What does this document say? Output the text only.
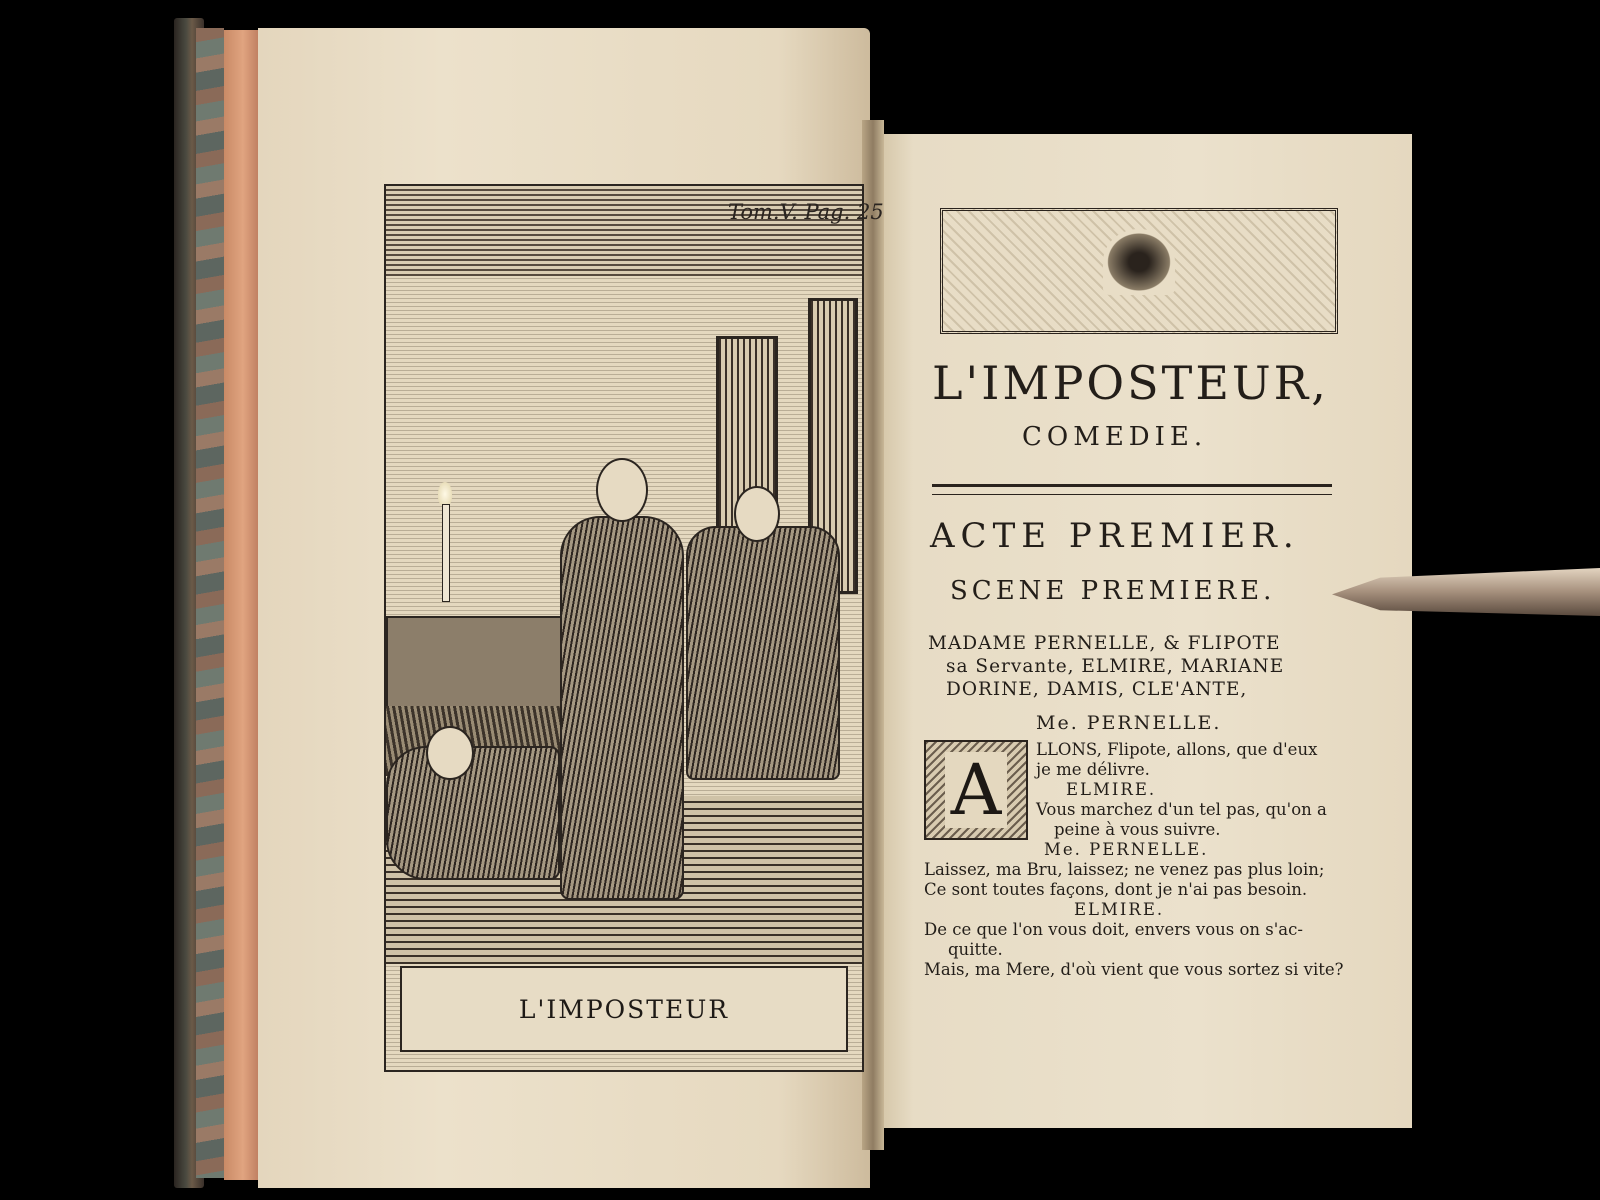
L'IMPOSTEUR
Tom.V. Pag. 25
L'IMPOSTEUR,
COMEDIE.
ACTE PREMIER.
SCENE PREMIERE.
MADAME PERNELLE, & FLIPOTE
sa Servante, ELMIRE, MARIANE
DORINE, DAMIS, CLE'ANTE,
Me. PERNELLE.
A	LLONS, Flipote, allons, que d'eux
je me délivre.
ELMIRE.
Vous marchez d'un tel pas, qu'on a
peine à vous suivre.
Me. PERNELLE.
Laissez, ma Bru, laissez; ne venez pas plus loin;
Ce sont toutes façons, dont je n'ai pas besoin.
ELMIRE.
De ce que l'on vous doit, envers vous on s'ac-
quitte.
Mais, ma Mere, d'où vient que vous sortez si vite?
